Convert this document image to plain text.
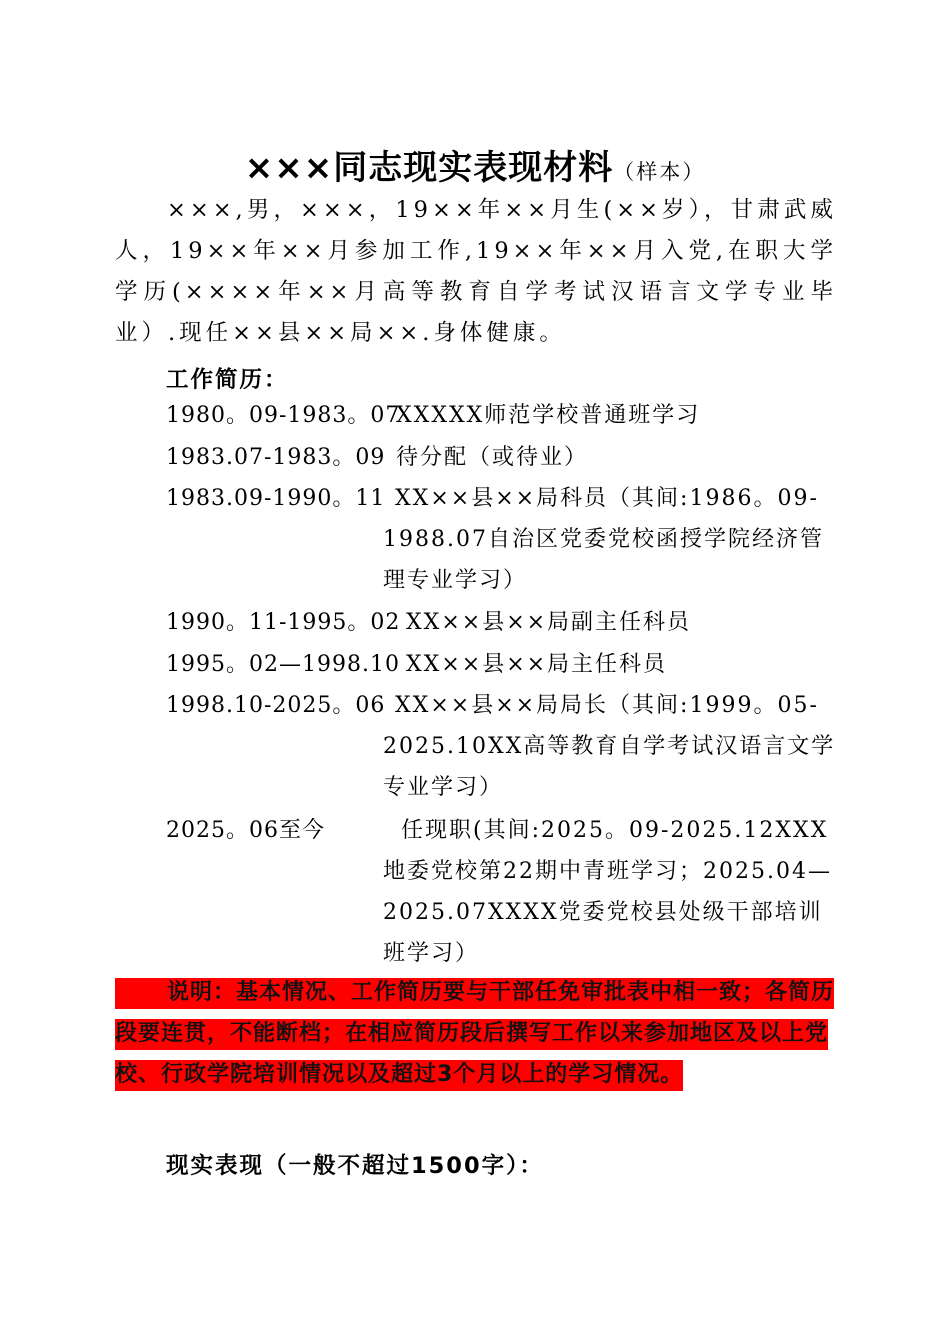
×××同志现实表现材料（样本）
×××,男，×××，19××年××月生(××岁），甘肃武威人，19××年××月参加工作,19××年××月入党,在职大学学历(××××年××月高等教育自学考试汉语言文学专业毕业）.现任××县××局××.身体健康。
工作简历：
1980。09-1983。07
XXXXX师范学校普通班学习
1983.07-1983。09 待分配（或待业）
1983.09-1990。11 XX××县××局科员（其间:1986。09-1988.07自治区党委党校函授学院经济管理专业学习）
1990。11-1995。02 XX××县××局副主任科员
1995。02—1998.10 XX××县××局主任科员
1998.10-2025。06 XX××县××局局长（其间:1999。05-2025.10XX高等教育自学考试汉语言文学专业学习）
2025。06至今	任现职(其间:2025。09-2025.12XXX地委党校第22期中青班学习；2025.04—2025.07XXXX党委党校县处级干部培训班学习）
说明：基本情况、工作简历要与干部任免审批表中相一致；各简历段要连贯，不能断档；在相应简历段后撰写工作以来参加地区及以上党校、行政学院培训情况以及超过3个月以上的学习情况。
现实表现（一般不超过1500字）：
